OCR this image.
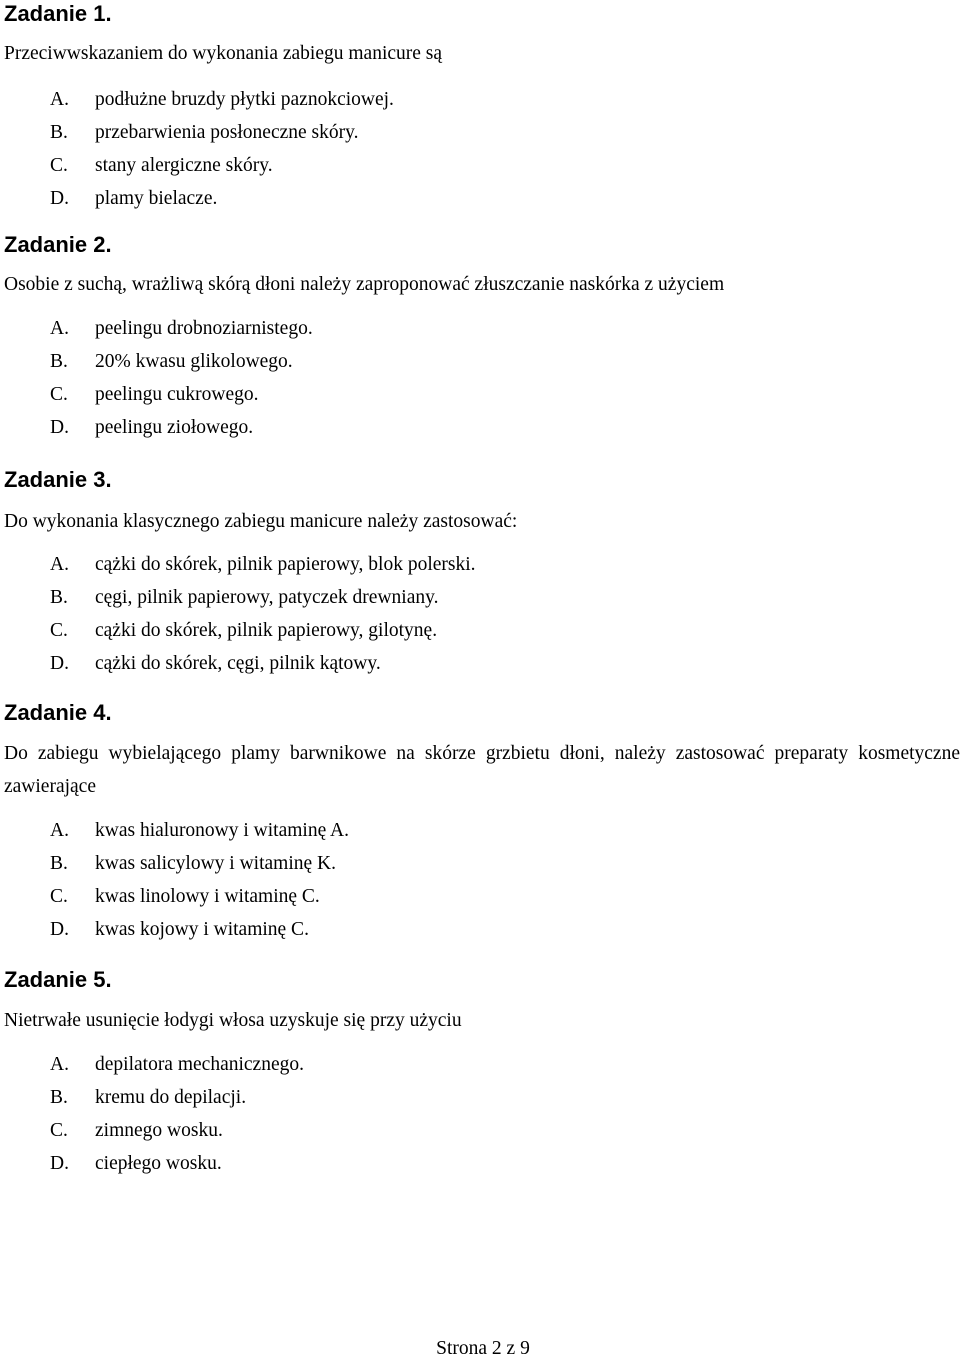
Zadanie 1.
Przeciwwskazaniem do wykonania zabiegu manicure są
A. podłużne bruzdy płytki paznokciowej.
B. przebarwienia posłoneczne skóry.
C. stany alergiczne skóry.
D. plamy bielacze.
Zadanie 2.
Osobie z suchą, wrażliwą skórą dłoni należy zaproponować złuszczanie naskórka z użyciem
A. peelingu drobnoziarnistego.
B. 20% kwasu glikolowego.
C. peelingu cukrowego.
D. peelingu ziołowego.
Zadanie 3.
Do wykonania klasycznego zabiegu manicure należy zastosować:
A. cążki do skórek, pilnik papierowy, blok polerski.
B. cęgi, pilnik papierowy, patyczek drewniany.
C. cążki do skórek, pilnik papierowy, gilotynę.
D. cążki do skórek, cęgi, pilnik kątowy.
Zadanie 4.
Do zabiegu wybielającego plamy barwnikowe na skórze grzbietu dłoni, należy zastosować preparaty kosmetyczne zawierające
A. kwas hialuronowy i witaminę A.
B. kwas salicylowy i witaminę K.
C. kwas linolowy i witaminę C.
D. kwas kojowy i witaminę C.
Zadanie 5.
Nietrwałe usunięcie łodygi włosa uzyskuje się przy użyciu
A. depilatora mechanicznego.
B. kremu do depilacji.
C. zimnego wosku.
D. ciepłego wosku.
Strona 2 z 9
